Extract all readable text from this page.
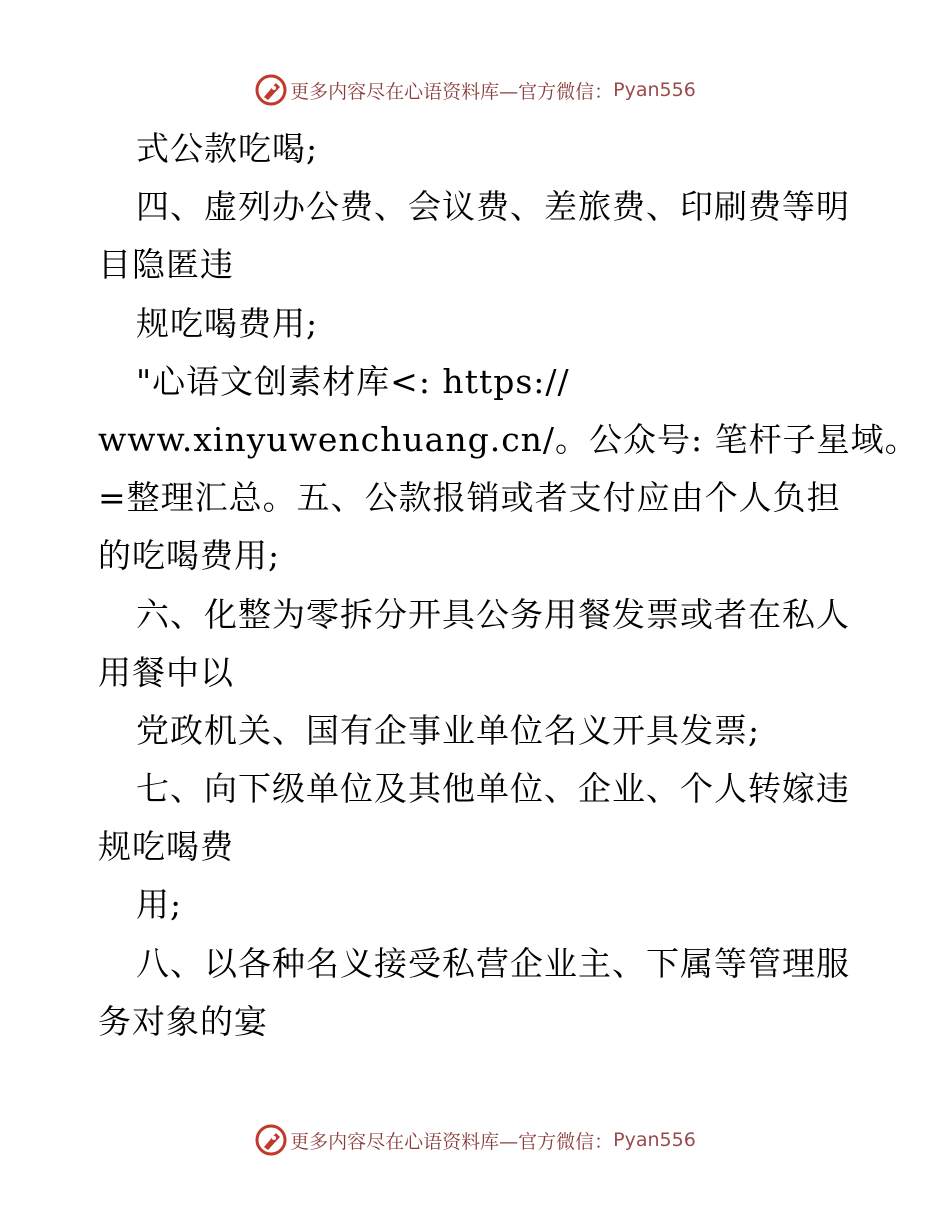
更多内容尽在心语资料库—官方微信： Pyan556
式公款吃喝;
四、虚列办公费、会议费、差旅费、印刷费等明
目隐匿违
规吃喝费用;
"心语文创素材库<: https://
www.xinyuwenchuang.cn/。公众号: 笔杆子星域。
=整理汇总。五、公款报销或者支付应由个人负担
的吃喝费用;
六、化整为零拆分开具公务用餐发票或者在私人
用餐中以
党政机关、国有企事业单位名义开具发票;
七、向下级单位及其他单位、企业、个人转嫁违
规吃喝费
用;
八、以各种名义接受私营企业主、下属等管理服
务对象的宴
更多内容尽在心语资料库—官方微信： Pyan556
